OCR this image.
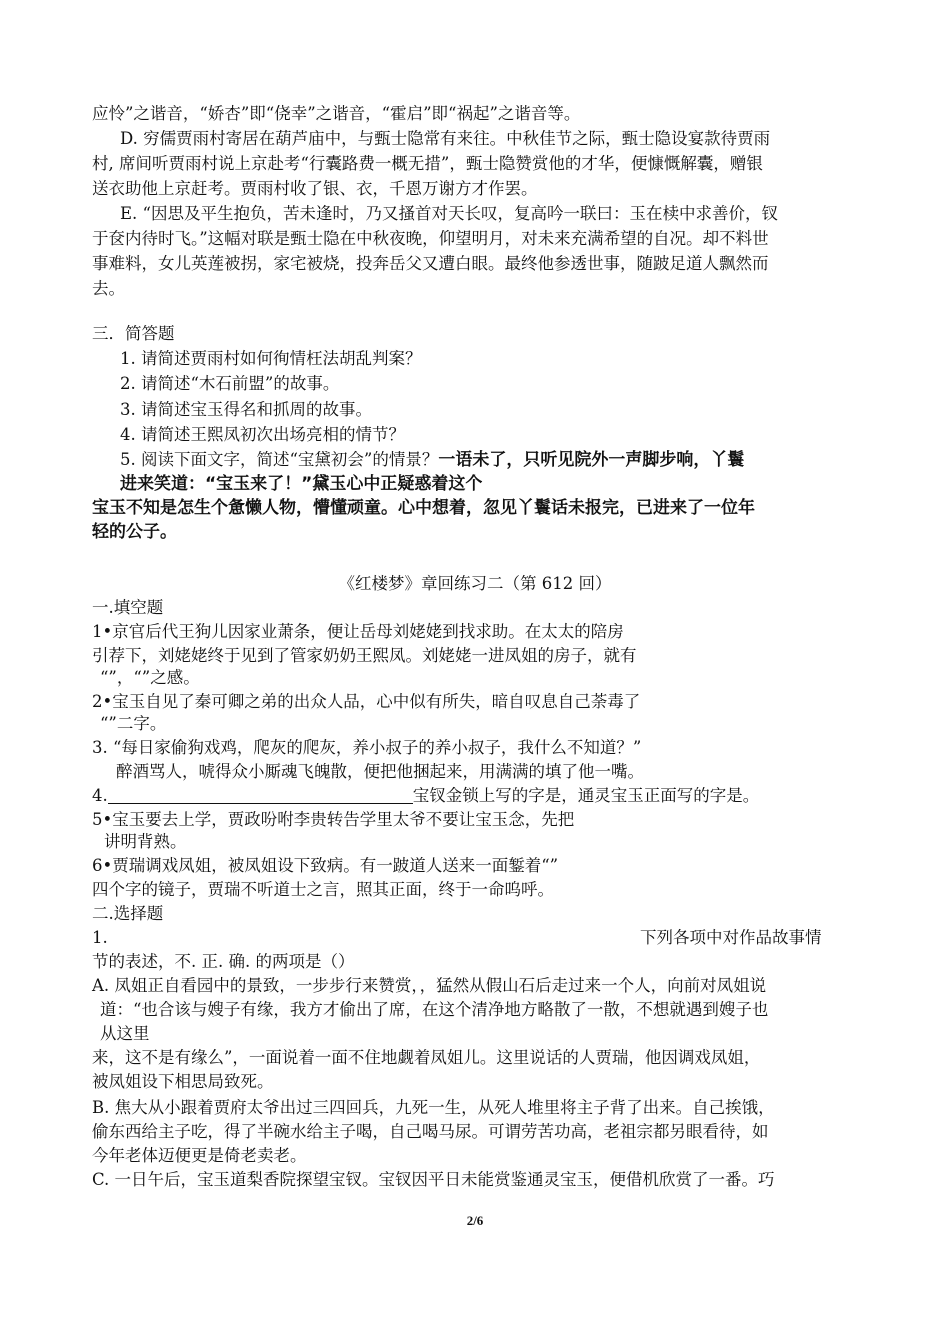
应怜”之谐音，“娇杏”即“侥幸”之谐音，“霍启”即“祸起”之谐音等。
D. 穷儒贾雨村寄居在葫芦庙中，与甄士隐常有来往。中秋佳节之际，甄士隐设宴款待贾雨
村, 席间听贾雨村说上京赴考“行囊路费一概无措”，甄士隐赞赏他的才华，便慷慨解囊，赠银
送衣助他上京赶考。贾雨村收了银、衣，千恩万谢方才作罢。
E. “因思及平生抱负，苦未逢时，乃又搔首对天长叹，复高吟一联曰：玉在椟中求善价，钗
于奁内待时飞。”这幅对联是甄士隐在中秋夜晚，仰望明月，对未来充满希望的自况。却不料世
事难料，女儿英莲被拐，家宅被烧，投奔岳父又遭白眼。最终他参透世事，随跛足道人飘然而
去。
三．简答题
1. 请简述贾雨村如何徇情枉法胡乱判案？
2. 请简述“木石前盟”的故事。
3. 请简述宝玉得名和抓周的故事。
4. 请简述王熙凤初次出场亮相的情节？
5. 阅读下面文字，简述“宝黛初会”的情景？一语未了，只听见院外一声脚步响，丫鬟
进来笑道：“宝玉来了！”黛玉心中正疑惑着这个
宝玉不知是怎生个惫懒人物，懵懂顽童。心中想着，忽见丫鬟话未报完，已进来了一位年
轻的公子。
《红楼梦》章回练习二（第 612 回）
一.填空题
1•京官后代王狗儿因家业萧条，便让岳母刘姥姥到找求助。在太太的陪房
引荐下，刘姥姥终于见到了管家奶奶王熙凤。刘姥姥一进凤姐的房子，就有
“”，“”之感。
2•宝玉自见了秦可卿之弟的出众人品，心中似有所失，暗自叹息自己荼毒了
“”二字。
3. “每日家偷狗戏鸡，爬灰的爬灰，养小叔子的养小叔子，我什么不知道？”
醉酒骂人，唬得众小厮魂飞魄散，便把他捆起来，用满满的填了他一嘴。
4.	宝钗金锁上写的字是，通灵宝玉正面写的字是。
5•宝玉要去上学，贾政吩咐李贵转告学里太爷不要让宝玉念，先把
讲明背熟。
6•贾瑞调戏凤姐，被凤姐设下致病。有一跛道人送来一面錾着“”
四个字的镜子，贾瑞不听道士之言，照其正面，终于一命呜呼。
二.选择题
1.	下列各项中对作品故事情
节的表述，不. 正. 确. 的两项是（）
A. 凤姐正自看园中的景致，一步步行来赞赏，，猛然从假山石后走过来一个人，向前对凤姐说
道：“也合该与嫂子有缘，我方才偷出了席，在这个清净地方略散了一散，不想就遇到嫂子也
从这里
来，这不是有缘么”，一面说着一面不住地觑着凤姐儿。这里说话的人贾瑞，他因调戏凤姐，
被凤姐设下相思局致死。
B. 焦大从小跟着贾府太爷出过三四回兵，九死一生，从死人堆里将主子背了出来。自己挨饿，
偷东西给主子吃，得了半碗水给主子喝，自己喝马尿。可谓劳苦功高，老祖宗都另眼看待，如
今年老体迈便更是倚老卖老。
C. 一日午后，宝玉道梨香院探望宝钗。宝钗因平日未能赏鉴通灵宝玉，便借机欣赏了一番。巧
2/6
